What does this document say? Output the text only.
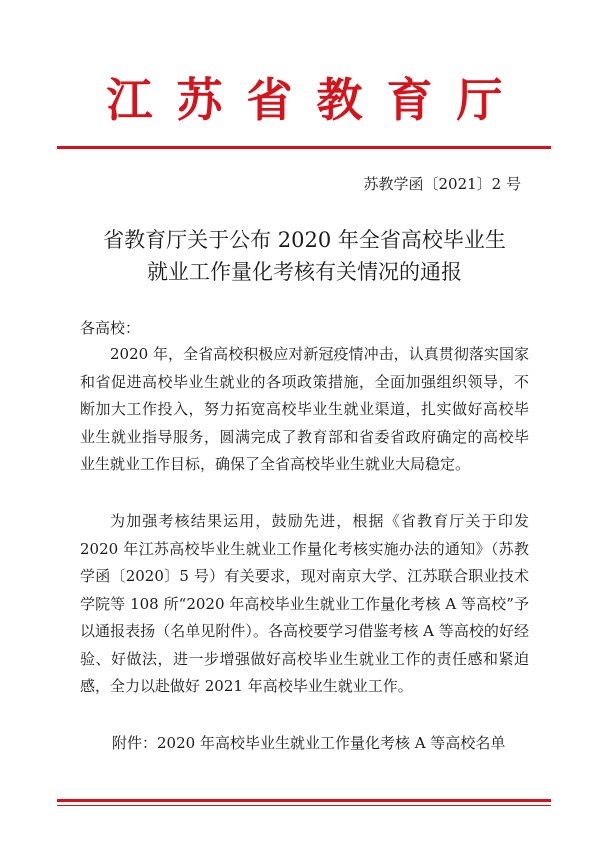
江苏省教育厅
苏教学函〔2021〕2 号
省教育厅关于公布 2020 年全省高校毕业生
就业工作量化考核有关情况的通报
各高校：
2020 年，全省高校积极应对新冠疫情冲击，认真贯彻落实国家和省促进高校毕业生就业的各项政策措施，全面加强组织领导，不断加大工作投入，努力拓宽高校毕业生就业渠道，扎实做好高校毕业生就业指导服务，圆满完成了教育部和省委省政府确定的高校毕业生就业工作目标，确保了全省高校毕业生就业大局稳定。
为加强考核结果运用，鼓励先进，根据《省教育厅关于印发2020 年江苏高校毕业生就业工作量化考核实施办法的通知》（苏教学函〔2020〕5 号）有关要求，现对南京大学、江苏联合职业技术学院等 108 所“2020 年高校毕业生就业工作量化考核 A 等高校”予以通报表扬（名单见附件）。各高校要学习借鉴考核 A 等高校的好经验、好做法，进一步增强做好高校毕业生就业工作的责任感和紧迫感，全力以赴做好 2021 年高校毕业生就业工作。
附件：2020 年高校毕业生就业工作量化考核 A 等高校名单
